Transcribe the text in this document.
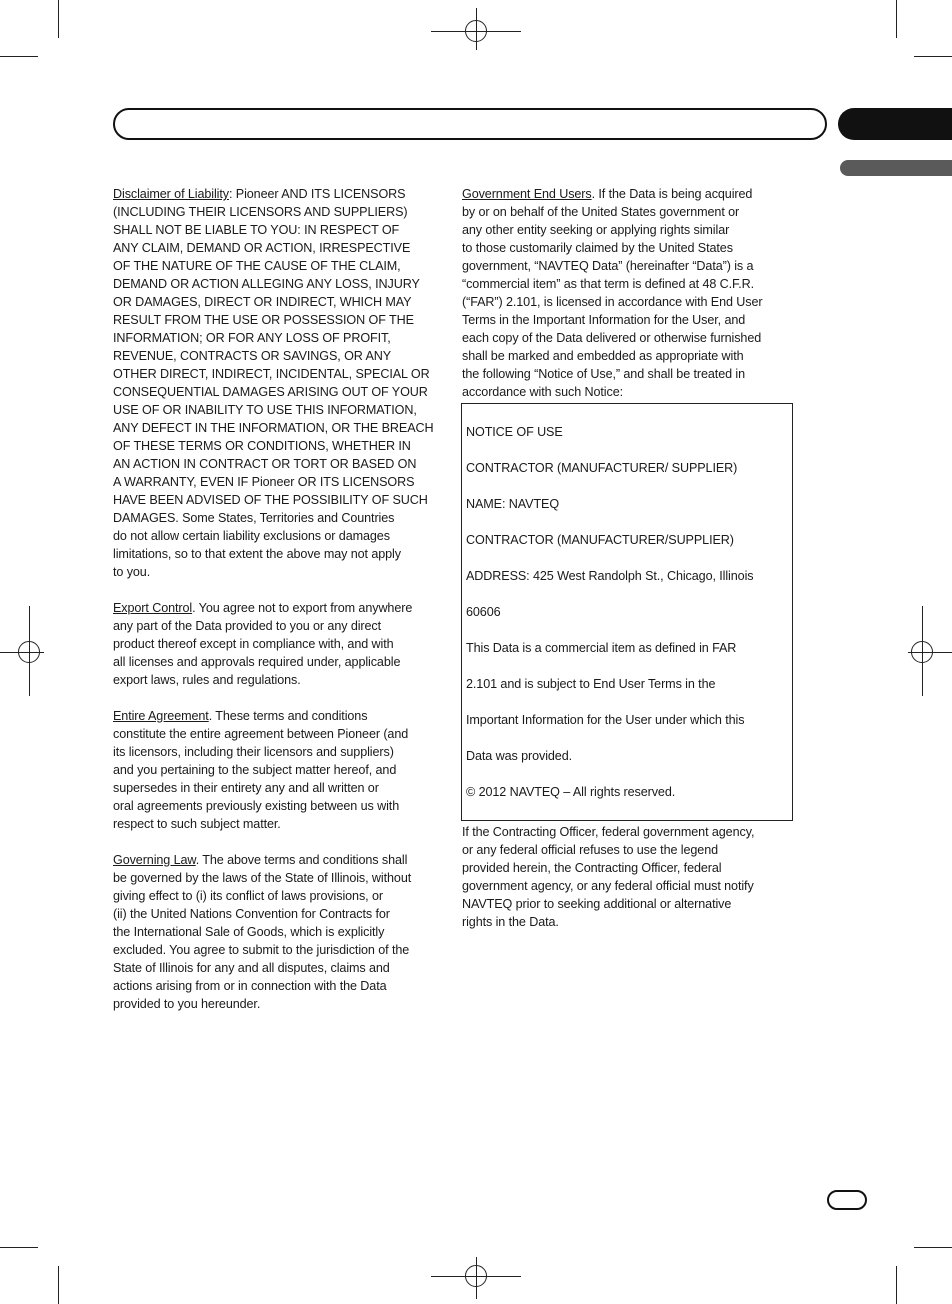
Disclaimer of Liability: Pioneer AND ITS LICENSORS
(INCLUDING THEIR LICENSORS AND SUPPLIERS)
SHALL NOT BE LIABLE TO YOU: IN RESPECT OF
ANY CLAIM, DEMAND OR ACTION, IRRESPECTIVE
OF THE NATURE OF THE CAUSE OF THE CLAIM,
DEMAND OR ACTION ALLEGING ANY LOSS, INJURY
OR DAMAGES, DIRECT OR INDIRECT, WHICH MAY
RESULT FROM THE USE OR POSSESSION OF THE
INFORMATION; OR FOR ANY LOSS OF PROFIT,
REVENUE, CONTRACTS OR SAVINGS, OR ANY
OTHER DIRECT, INDIRECT, INCIDENTAL, SPECIAL OR
CONSEQUENTIAL DAMAGES ARISING OUT OF YOUR
USE OF OR INABILITY TO USE THIS INFORMATION,
ANY DEFECT IN THE INFORMATION, OR THE BREACH
OF THESE TERMS OR CONDITIONS, WHETHER IN
AN ACTION IN CONTRACT OR TORT OR BASED ON
A WARRANTY, EVEN IF Pioneer OR ITS LICENSORS
HAVE BEEN ADVISED OF THE POSSIBILITY OF SUCH
DAMAGES. Some States, Territories and Countries
do not allow certain liability exclusions or damages
limitations, so to that extent the above may not apply
to you.

Export Control. You agree not to export from anywhere
any part of the Data provided to you or any direct
product thereof except in compliance with, and with
all licenses and approvals required under, applicable
export laws, rules and regulations.

Entire Agreement. These terms and conditions
constitute the entire agreement between Pioneer (and
its licensors, including their licensors and suppliers)
and you pertaining to the subject matter hereof, and
supersedes in their entirety any and all written or
oral agreements previously existing between us with
respect to such subject matter.

Governing Law. The above terms and conditions shall
be governed by the laws of the State of Illinois, without
giving effect to (i) its conflict of laws provisions, or
(ii) the United Nations Convention for Contracts for
the International Sale of Goods, which is explicitly
excluded. You agree to submit to the jurisdiction of the
State of Illinois for any and all disputes, claims and
actions arising from or in connection with the Data
provided to you hereunder.

Government End Users. If the Data is being acquired
by or on behalf of the United States government or
any other entity seeking or applying rights similar
to those customarily claimed by the United States
government, “NAVTEQ Data” (hereinafter “Data”) is a
“commercial item” as that term is defined at 48 C.F.R.
(“FAR”) 2.101, is licensed in accordance with End User
Terms in the Important Information for the User, and
each copy of the Data delivered or otherwise furnished
shall be marked and embedded as appropriate with
the following “Notice of Use,” and shall be treated in
accordance with such Notice:

NOTICE OF USE

CONTRACTOR (MANUFACTURER/ SUPPLIER)

NAME: NAVTEQ

CONTRACTOR (MANUFACTURER/SUPPLIER)

ADDRESS: 425 West Randolph St., Chicago, Illinois

60606

This Data is a commercial item as defined in FAR

2.101 and is subject to End User Terms in the

Important Information for the User under which this

Data was provided.

© 2012 NAVTEQ – All rights reserved.

If the Contracting Officer, federal government agency,
or any federal official refuses to use the legend
provided herein, the Contracting Officer, federal
government agency, or any federal official must notify
NAVTEQ prior to seeking additional or alternative
rights in the Data.
